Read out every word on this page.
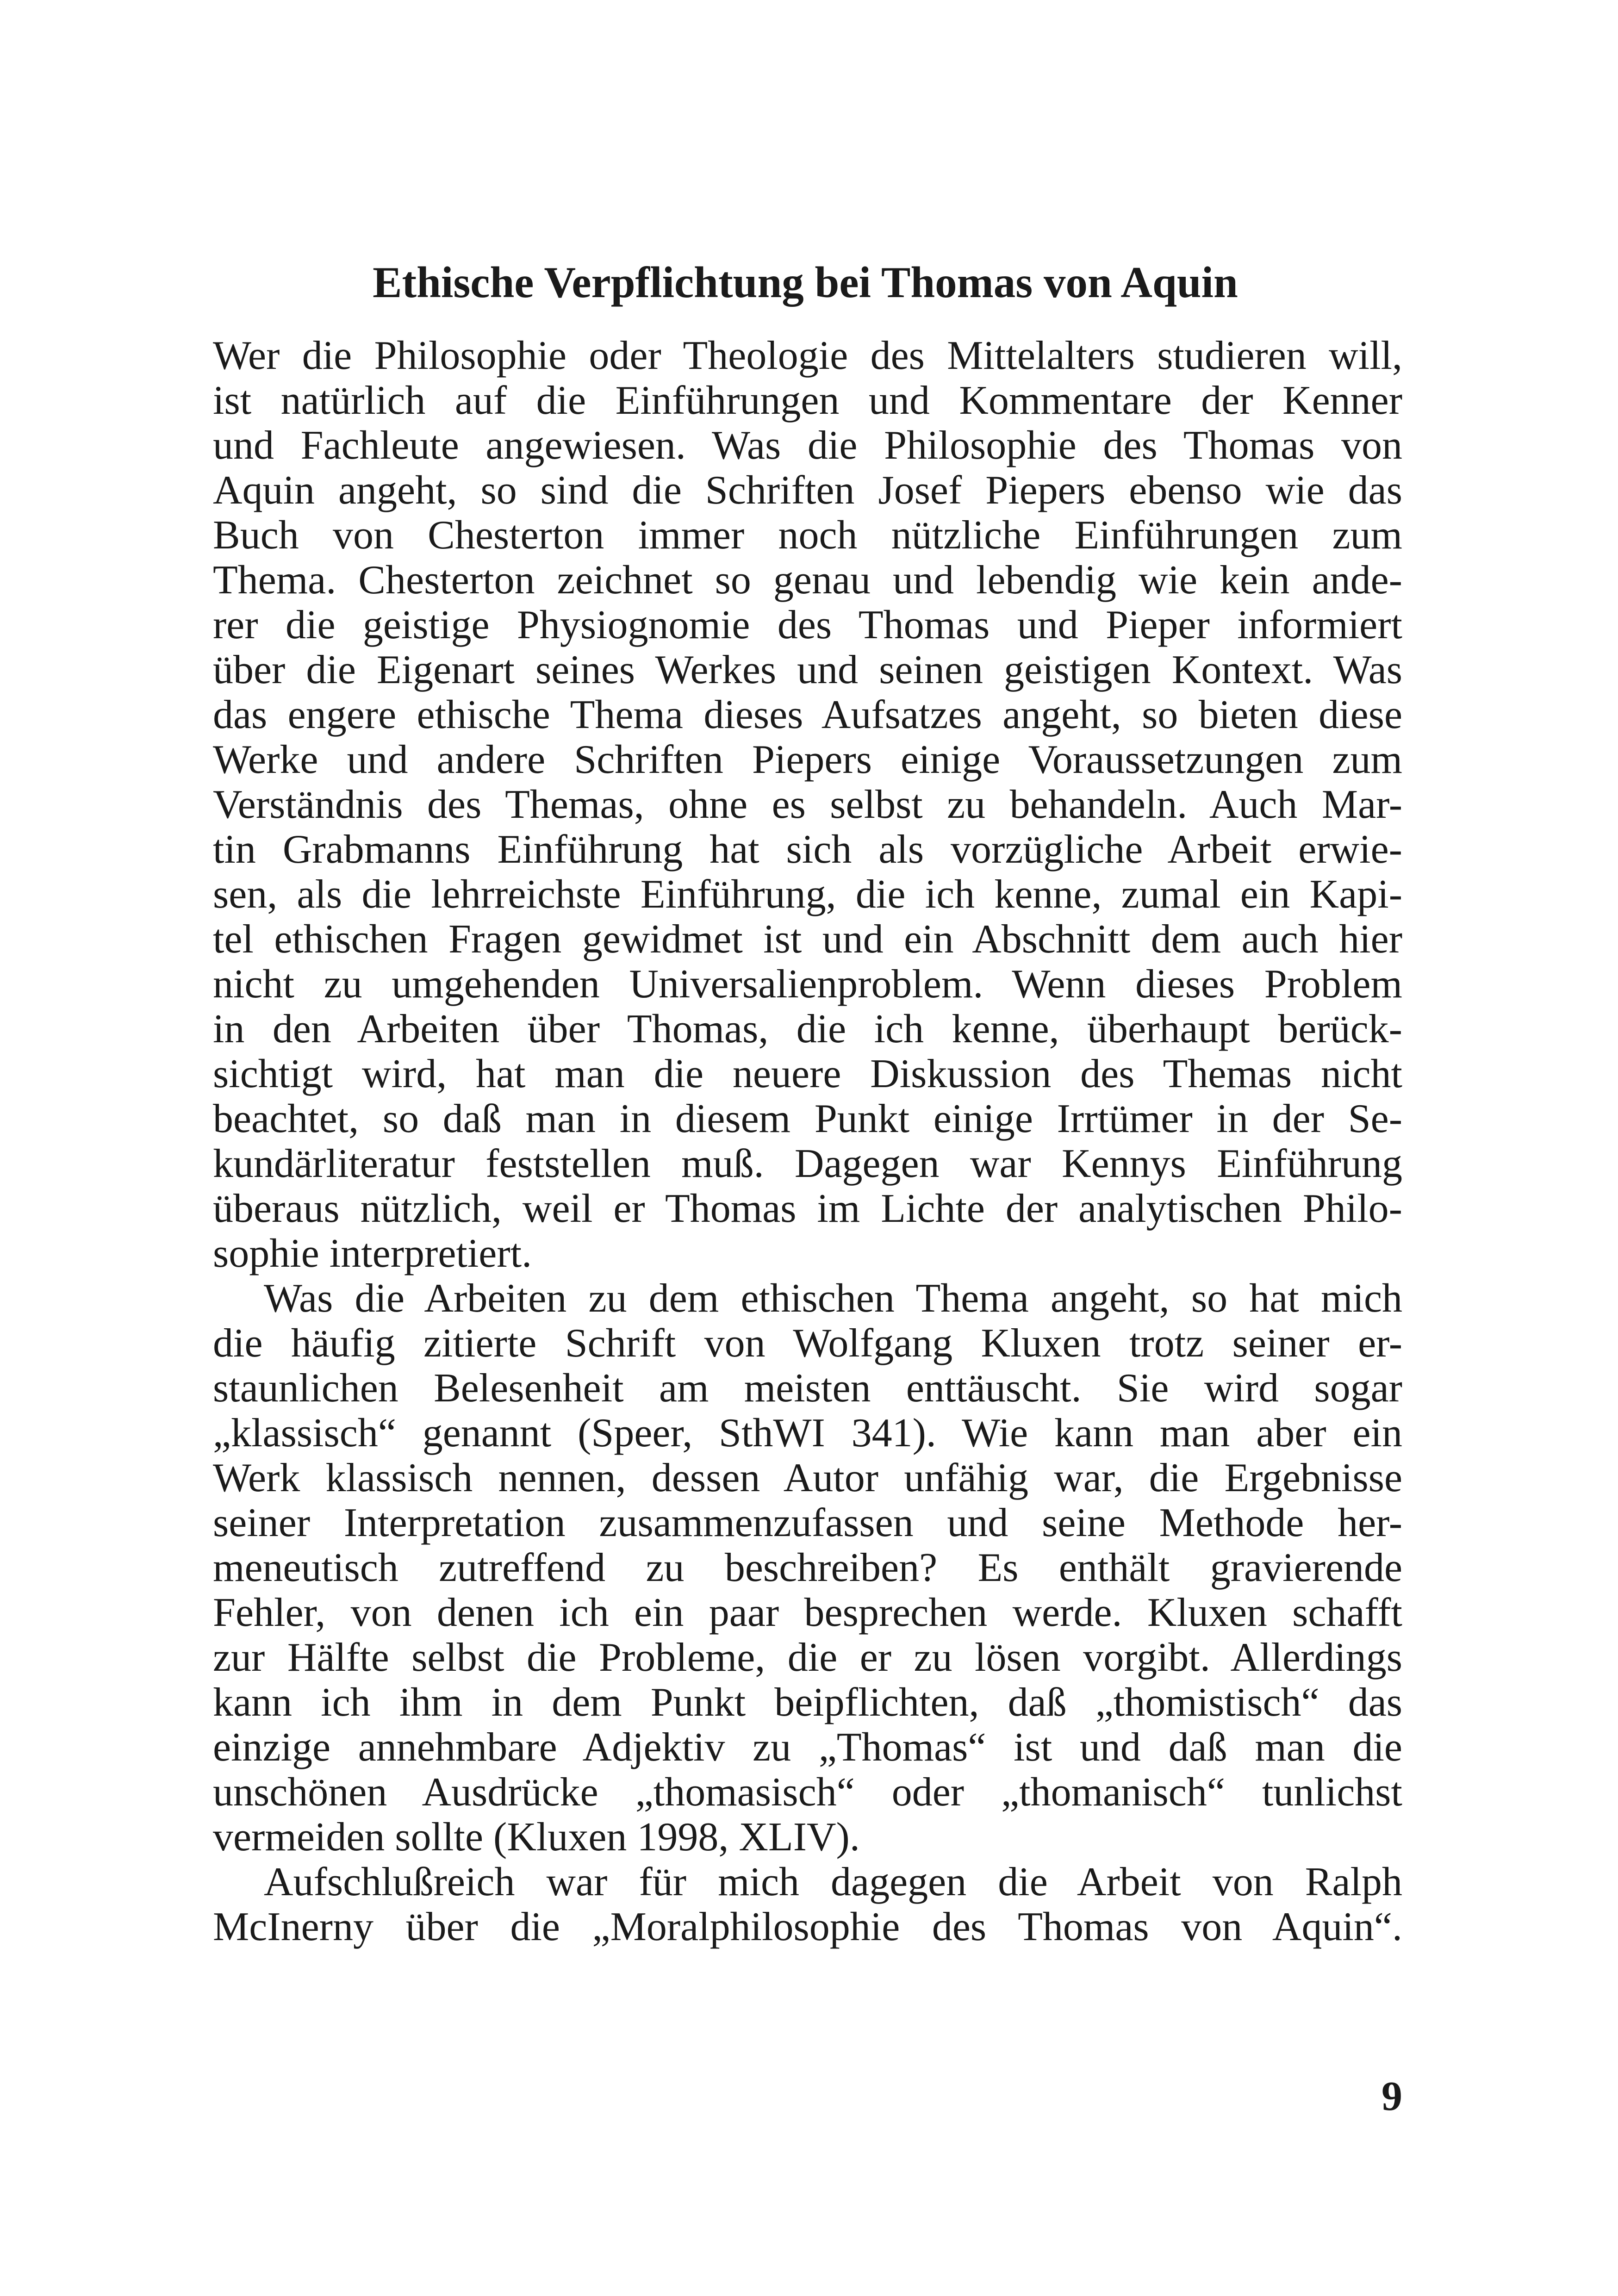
Ethische Verpflichtung bei Thomas von Aquin
Wer die Philosophie oder Theologie des Mittelalters studieren will,
ist natürlich auf die Einführungen und Kommentare der Kenner
und Fachleute angewiesen. Was die Philosophie des Thomas von
Aquin angeht, so sind die Schriften Josef Piepers ebenso wie das
Buch von Chesterton immer noch nützliche Einführungen zum
Thema. Chesterton zeichnet so genau und lebendig wie kein ande-
rer die geistige Physiognomie des Thomas und Pieper informiert
über die Eigenart seines Werkes und seinen geistigen Kontext. Was
das engere ethische Thema dieses Aufsatzes angeht, so bieten diese
Werke und andere Schriften Piepers einige Voraussetzungen zum
Verständnis des Themas, ohne es selbst zu behandeln. Auch Mar-
tin Grabmanns Einführung hat sich als vorzügliche Arbeit erwie-
sen, als die lehrreichste Einführung, die ich kenne, zumal ein Kapi-
tel ethischen Fragen gewidmet ist und ein Abschnitt dem auch hier
nicht zu umgehenden Universalienproblem. Wenn dieses Problem
in den Arbeiten über Thomas, die ich kenne, überhaupt berück-
sichtigt wird, hat man die neuere Diskussion des Themas nicht
beachtet, so daß man in diesem Punkt einige Irrtümer in der Se-
kundärliteratur feststellen muß. Dagegen war Kennys Einführung
überaus nützlich, weil er Thomas im Lichte der analytischen Philo-
sophie interpretiert.
Was die Arbeiten zu dem ethischen Thema angeht, so hat mich
die häufig zitierte Schrift von Wolfgang Kluxen trotz seiner er-
staunlichen Belesenheit am meisten enttäuscht. Sie wird sogar
„klassisch“ genannt (Speer, SthWI 341). Wie kann man aber ein
Werk klassisch nennen, dessen Autor unfähig war, die Ergebnisse
seiner Interpretation zusammenzufassen und seine Methode her-
meneutisch zutreffend zu beschreiben? Es enthält gravierende
Fehler, von denen ich ein paar besprechen werde. Kluxen schafft
zur Hälfte selbst die Probleme, die er zu lösen vorgibt. Allerdings
kann ich ihm in dem Punkt beipflichten, daß „thomistisch“ das
einzige annehmbare Adjektiv zu „Thomas“ ist und daß man die
unschönen Ausdrücke „thomasisch“ oder „thomanisch“ tunlichst
vermeiden sollte (Kluxen 1998, XLIV).
Aufschlußreich war für mich dagegen die Arbeit von Ralph
McInerny über die „Moralphilosophie des Thomas von Aquin“.
9
